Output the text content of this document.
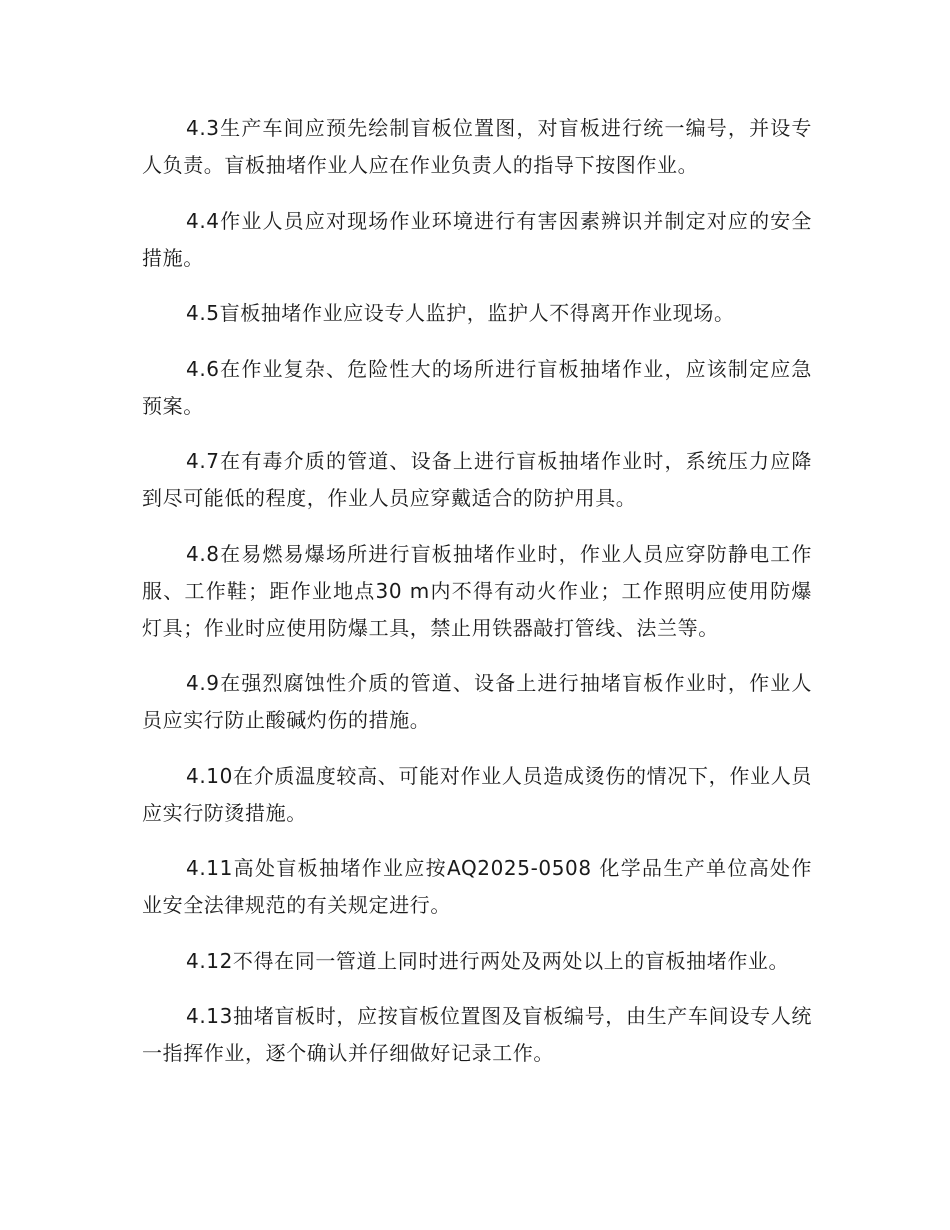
4.3生产车间应预先绘制盲板位置图，对盲板进行统一编号，并设专人负责。盲板抽堵作业人应在作业负责人的指导下按图作业。

4.4作业人员应对现场作业环境进行有害因素辨识并制定对应的安全措施。

4.5盲板抽堵作业应设专人监护，监护人不得离开作业现场。

4.6在作业复杂、危险性大的场所进行盲板抽堵作业，应该制定应急预案。

4.7在有毒介质的管道、设备上进行盲板抽堵作业时，系统压力应降到尽可能低的程度，作业人员应穿戴适合的防护用具。

4.8在易燃易爆场所进行盲板抽堵作业时，作业人员应穿防静电工作服、工作鞋；距作业地点30 m内不得有动火作业；工作照明应使用防爆灯具；作业时应使用防爆工具，禁止用铁器敲打管线、法兰等。

4.9在强烈腐蚀性介质的管道、设备上进行抽堵盲板作业时，作业人员应实行防止酸碱灼伤的措施。

4.10在介质温度较高、可能对作业人员造成烫伤的情况下，作业人员应实行防烫措施。

4.11高处盲板抽堵作业应按AQ2025-0508 化学品生产单位高处作业安全法律规范的有关规定进行。

4.12不得在同一管道上同时进行两处及两处以上的盲板抽堵作业。

4.13抽堵盲板时，应按盲板位置图及盲板编号，由生产车间设专人统一指挥作业，逐个确认并仔细做好记录工作。
